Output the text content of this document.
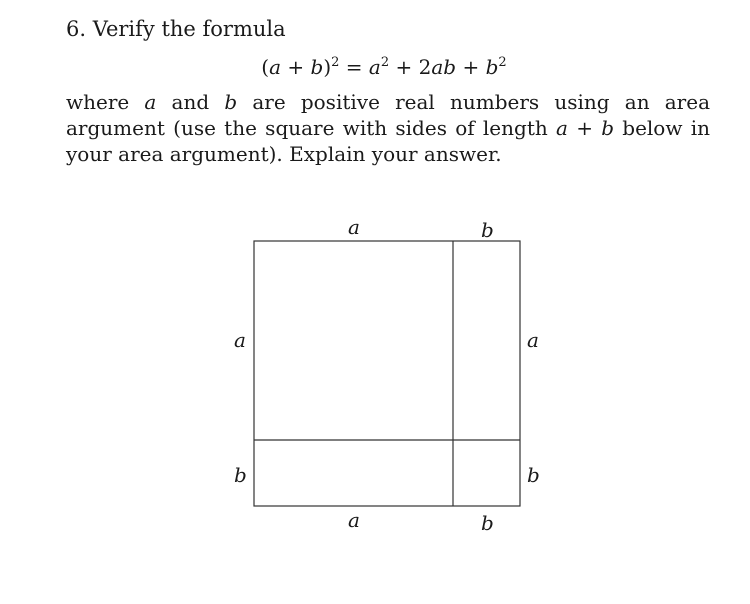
6. Verify the formula
$(a + b)^2 = a^2 + 2ab + b^2$
where a and b are positive real numbers using an area argument (use the square with sides of length a + b below in your area argument). Explain your answer.
a	b
a
b
a
b
a	b
